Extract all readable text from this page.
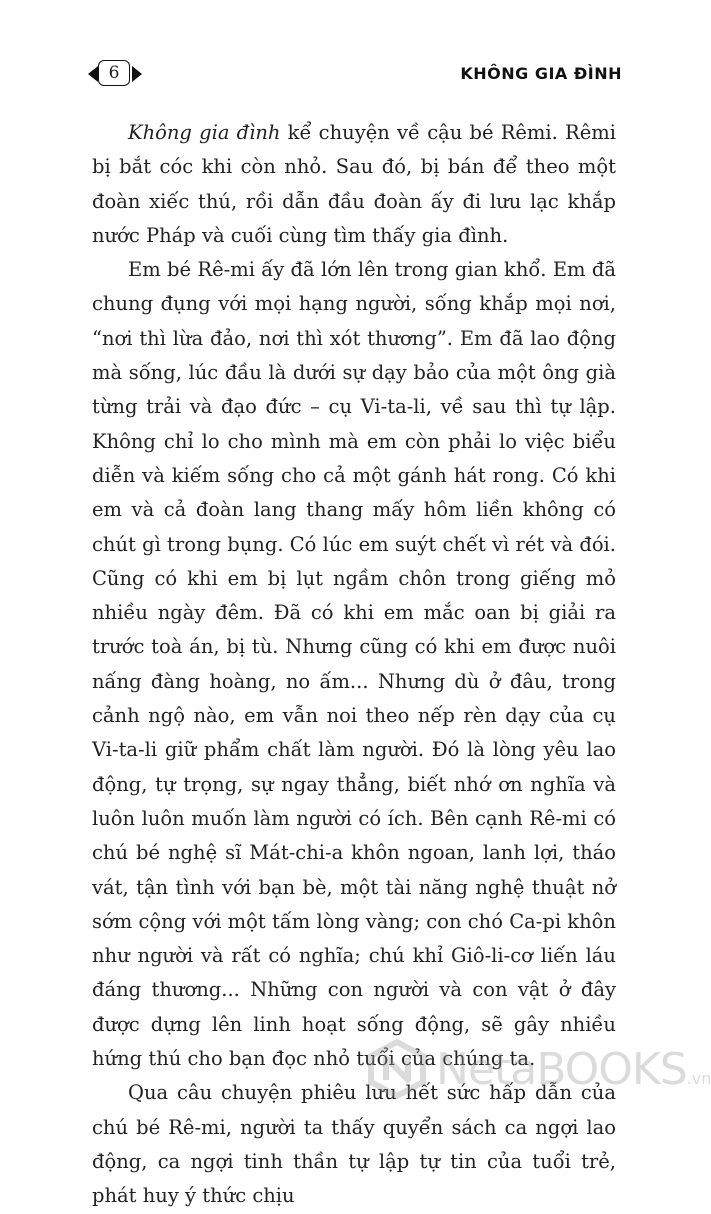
6	KHÔNG GIA ĐÌNH

Không gia đình kể chuyện về cậu bé Rêmi. Rêmi bị bắt cóc khi còn nhỏ. Sau đó, bị bán để theo một đoàn xiếc thú, rồi dẫn đầu đoàn ấy đi lưu lạc khắp nước Pháp và cuối cùng tìm thấy gia đình.

Em bé Rê-mi ấy đã lớn lên trong gian khổ. Em đã chung đụng với mọi hạng người, sống khắp mọi nơi, “nơi thì lừa đảo, nơi thì xót thương”. Em đã lao động mà sống, lúc đầu là dưới sự dạy bảo của một ông già từng trải và đạo đức – cụ Vi-ta-li, về sau thì tự lập. Không chỉ lo cho mình mà em còn phải lo việc biểu diễn và kiếm sống cho cả một gánh hát rong. Có khi em và cả đoàn lang thang mấy hôm liền không có chút gì trong bụng. Có lúc em suýt chết vì rét và đói. Cũng có khi em bị lụt ngầm chôn trong giếng mỏ nhiều ngày đêm. Đã có khi em mắc oan bị giải ra trước toà án, bị tù. Nhưng cũng có khi em được nuôi nấng đàng hoàng, no ấm... Nhưng dù ở đâu, trong cảnh ngộ nào, em vẫn noi theo nếp rèn dạy của cụ Vi-ta-li giữ phẩm chất làm người. Đó là lòng yêu lao động, tự trọng, sự ngay thẳng, biết nhớ ơn nghĩa và luôn luôn muốn làm người có ích. Bên cạnh Rê-mi có chú bé nghệ sĩ Mát-chi-a khôn ngoan, lanh lợi, tháo vát, tận tình với bạn bè, một tài năng nghệ thuật nở sớm cộng với một tấm lòng vàng; con chó Ca-pi khôn như người và rất có nghĩa; chú khỉ Giô-li-cơ liến láu đáng thương... Những con người và con vật ở đây được dựng lên linh hoạt sống động, sẽ gây nhiều hứng thú cho bạn đọc nhỏ tuổi của chúng ta.

Qua câu chuyện phiêu lưu hết sức hấp dẫn của chú bé Rê-mi, người ta thấy quyển sách ca ngợi lao động, ca ngợi tinh thần tự lập tự tin của tuổi trẻ, phát huy ý thức chịu

NetaBOOKS.vn
